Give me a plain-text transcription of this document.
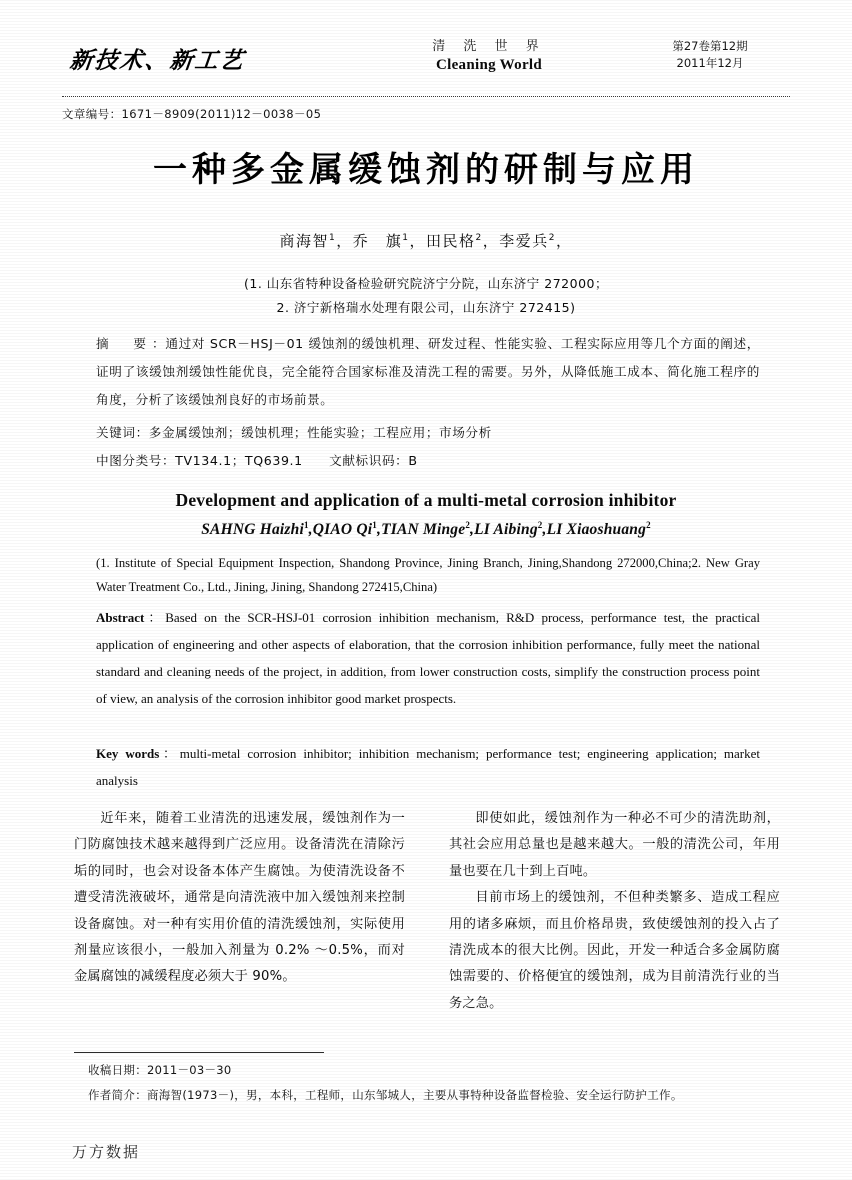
新技术、新工艺
清 洗 世 界
Cleaning World
第27卷第12期
2011年12月
文章编号：1671－8909(2011)12－0038－05
一种多金属缓蚀剂的研制与应用
商海智$^1$，乔　旗$^1$，田民格$^2$，李爱兵$^2$，
(1. 山东省特种设备检验研究院济宁分院，山东济宁 272000；
2. 济宁新格瑞水处理有限公司，山东济宁 272415)
摘　要：通过对 SCR－HSJ－01 缓蚀剂的缓蚀机理、研发过程、性能实验、工程实际应用等几个方面的阐述，证明了该缓蚀剂缓蚀性能优良，完全能符合国家标准及清洗工程的需要。另外，从降低施工成本、简化施工程序的角度，分析了该缓蚀剂良好的市场前景。
关键词：多金属缓蚀剂；缓蚀机理；性能实验；工程应用；市场分析
中图分类号：TV134.1；TQ639.1　　文献标识码：B
Development and application of a multi-metal corrosion inhibitor
SAHNG Haizhi$^1$,QIAO Qi$^1$,TIAN Minge$^2$,LI Aibing$^2$,LI Xiaoshuang$^2$
(1. Institute of Special Equipment Inspection, Shandong Province, Jining Branch, Jining,Shandong 272000,China;2. New Gray Water Treatment Co., Ltd., Jining, Jining, Shandong 272415,China)
Abstract：Based on the SCR-HSJ-01 corrosion inhibition mechanism, R&D process, performance test, the practical application of engineering and other aspects of elaboration, that the corrosion inhibition performance, fully meet the national standard and cleaning needs of the project, in addition, from lower construction costs, simplify the construction process point of view, an analysis of the corrosion inhibitor good market prospects.
Key words：multi-metal corrosion inhibitor; inhibition mechanism; performance test; engineering application; market analysis

近年来，随着工业清洗的迅速发展，缓蚀剂作为一门防腐蚀技术越来越得到广泛应用。设备清洗在清除污垢的同时，也会对设备本体产生腐蚀。为使清洗设备不遭受清洗液破坏，通常是向清洗液中加入缓蚀剂来控制设备腐蚀。对一种有实用价值的清洗缓蚀剂，实际使用剂量应该很小，一般加入剂量为 0.2% ～0.5%，而对金属腐蚀的减缓程度必须大于 90%。

即使如此，缓蚀剂作为一种必不可少的清洗助剂，其社会应用总量也是越来越大。一般的清洗公司，年用量也要在几十到上百吨。

目前市场上的缓蚀剂，不但种类繁多、造成工程应用的诸多麻烦，而且价格昂贵，致使缓蚀剂的投入占了清洗成本的很大比例。因此，开发一种适合多金属防腐蚀需要的、价格便宜的缓蚀剂，成为目前清洗行业的当务之急。

收稿日期：2011－03－30
作者简介：商海智(1973－)，男，本科，工程师，山东邹城人，主要从事特种设备监督检验、安全运行防护工作。
万方数据
